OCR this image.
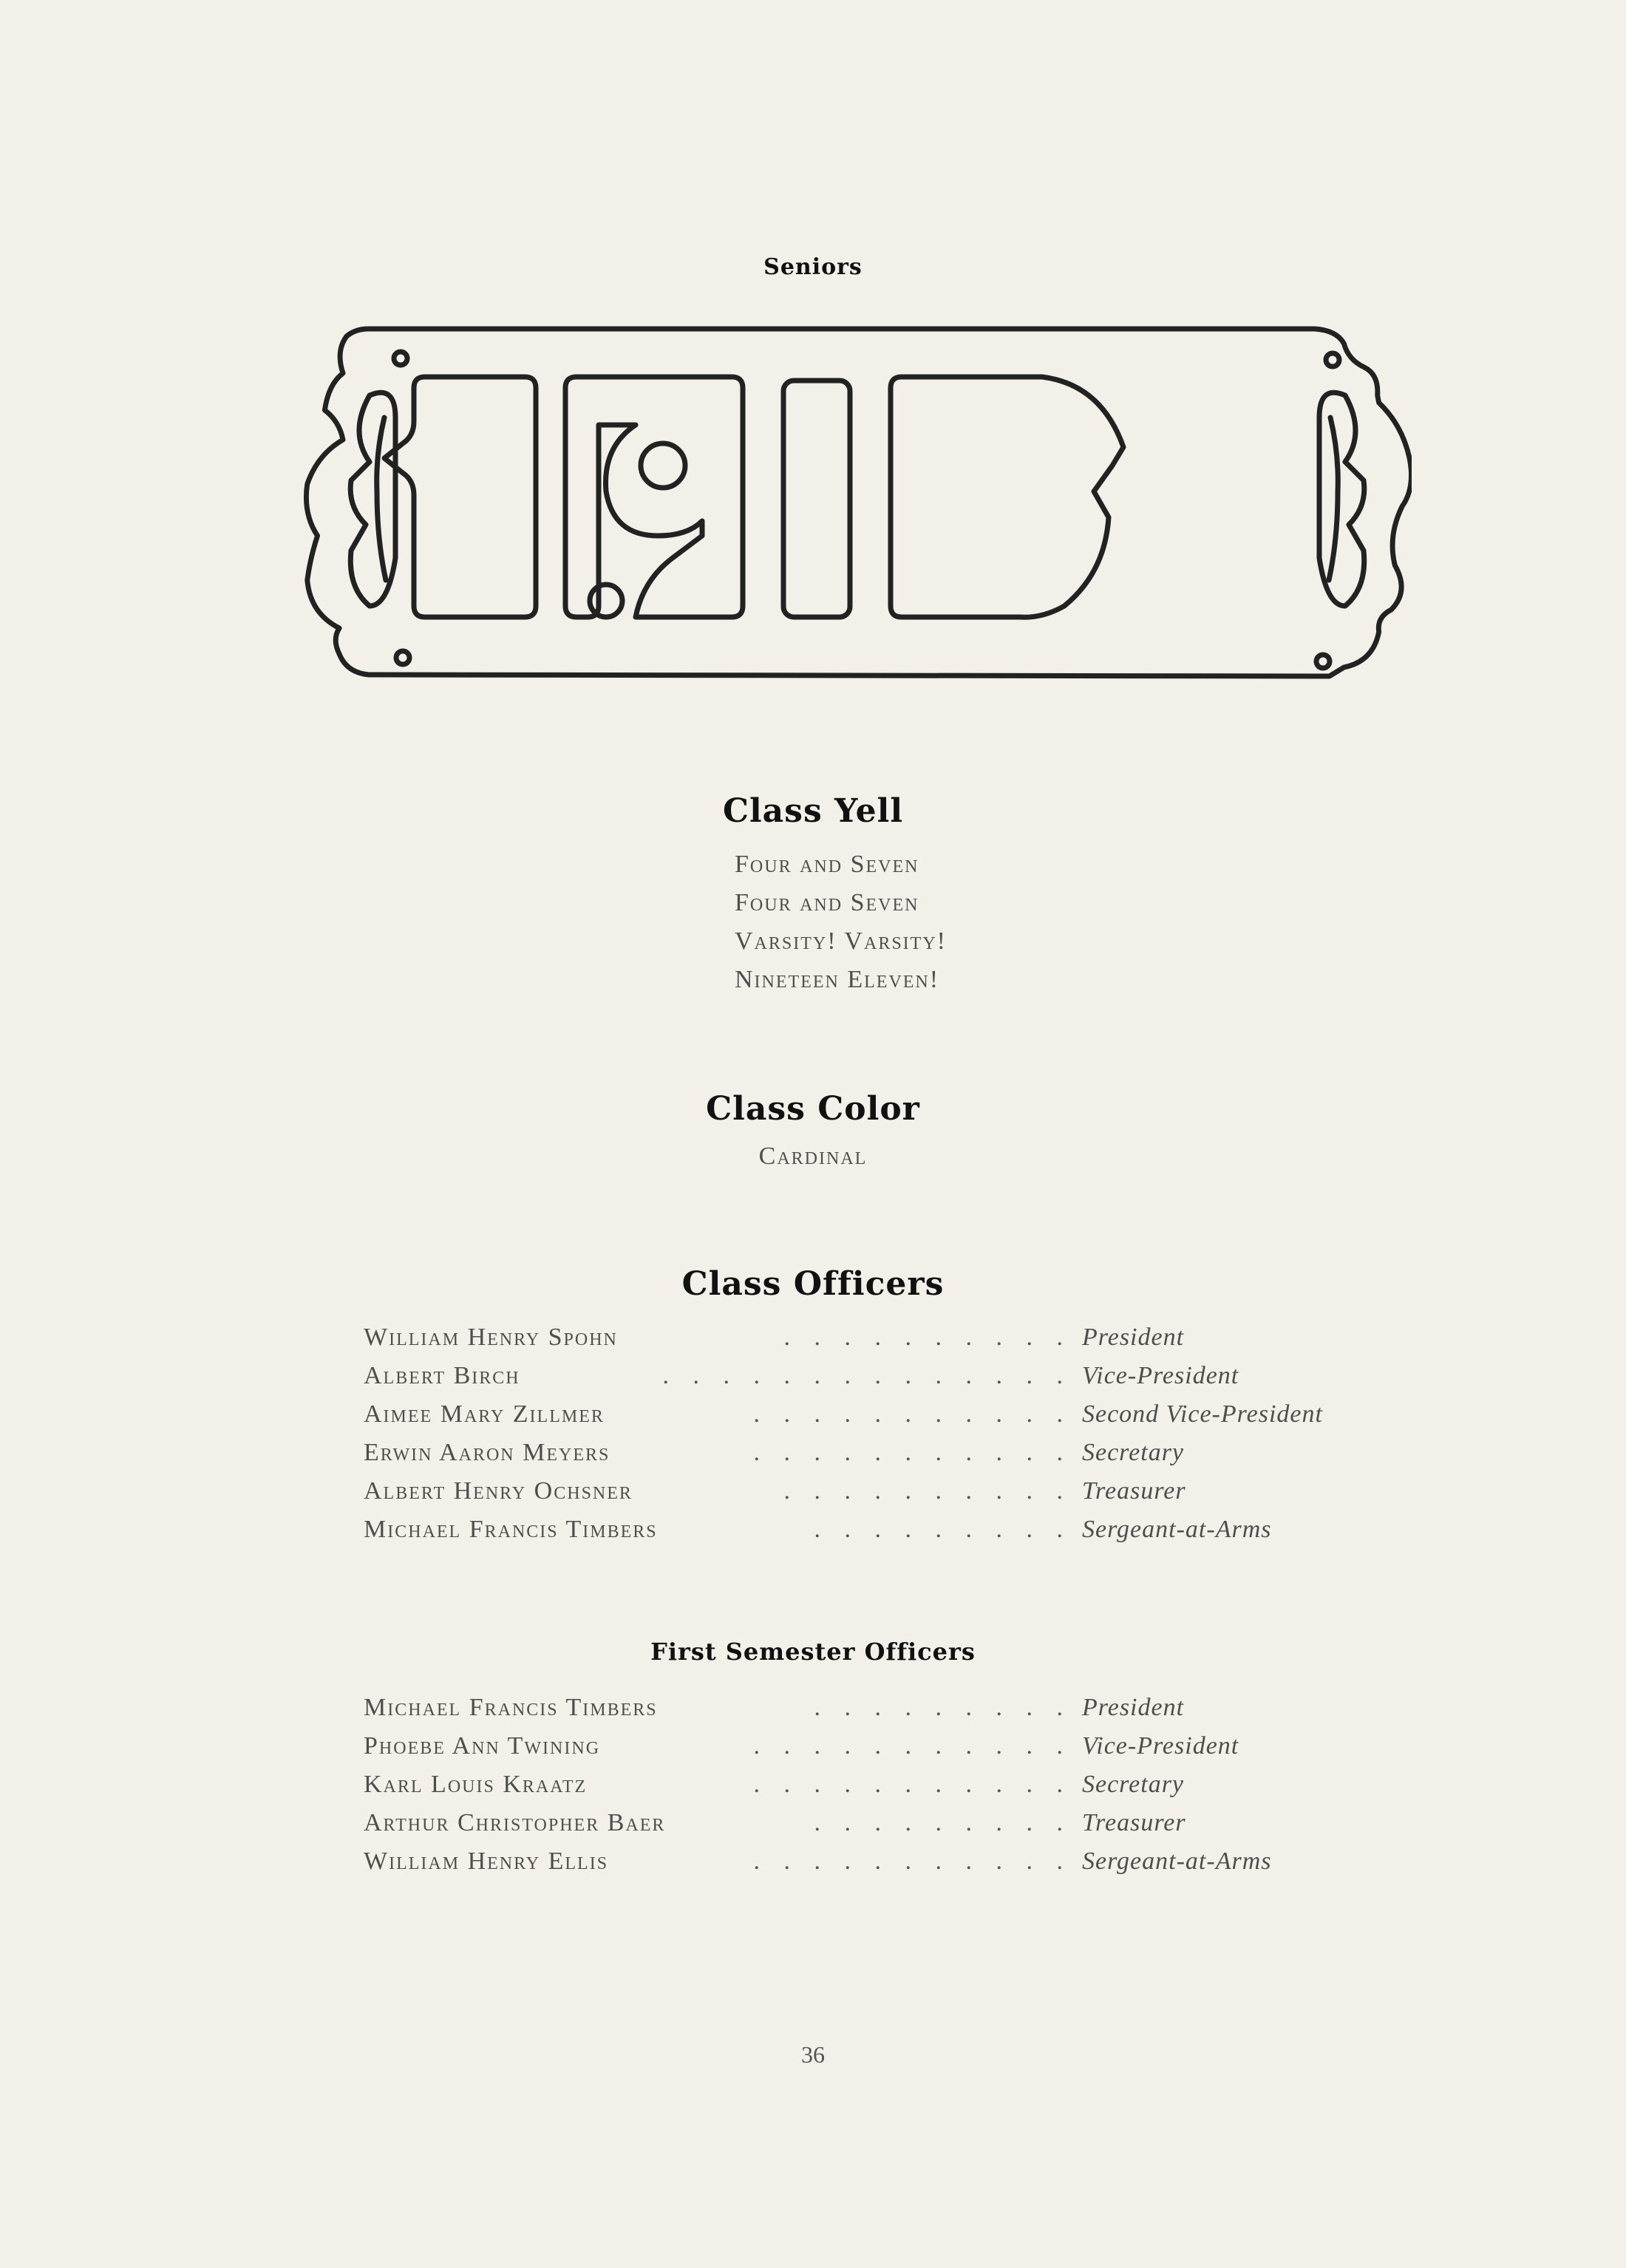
Seniors
Class Yell
Four and Seven
Four and Seven
Varsity! Varsity!
Nineteen Eleven!
Class Color
Cardinal
Class Officers
William Henry Spohn	. . . . . . . . . . President
Albert Birch	. . . . . . . . . . . . . . Vice-President
Aimee Mary Zillmer	. . . . . . . . . . . Second Vice-President
Erwin Aaron Meyers	. . . . . . . . . . . Secretary
Albert Henry Ochsner	. . . . . . . . . . Treasurer
Michael Francis Timbers	. . . . . . . . . Sergeant-at-Arms
First Semester Officers
Michael Francis Timbers	. . . . . . . . . President
Phoebe Ann Twining	. . . . . . . . . . . Vice-President
Karl Louis Kraatz	. . . . . . . . . . . Secretary
Arthur Christopher Baer	. . . . . . . . . Treasurer
William Henry Ellis	. . . . . . . . . . . Sergeant-at-Arms
36
